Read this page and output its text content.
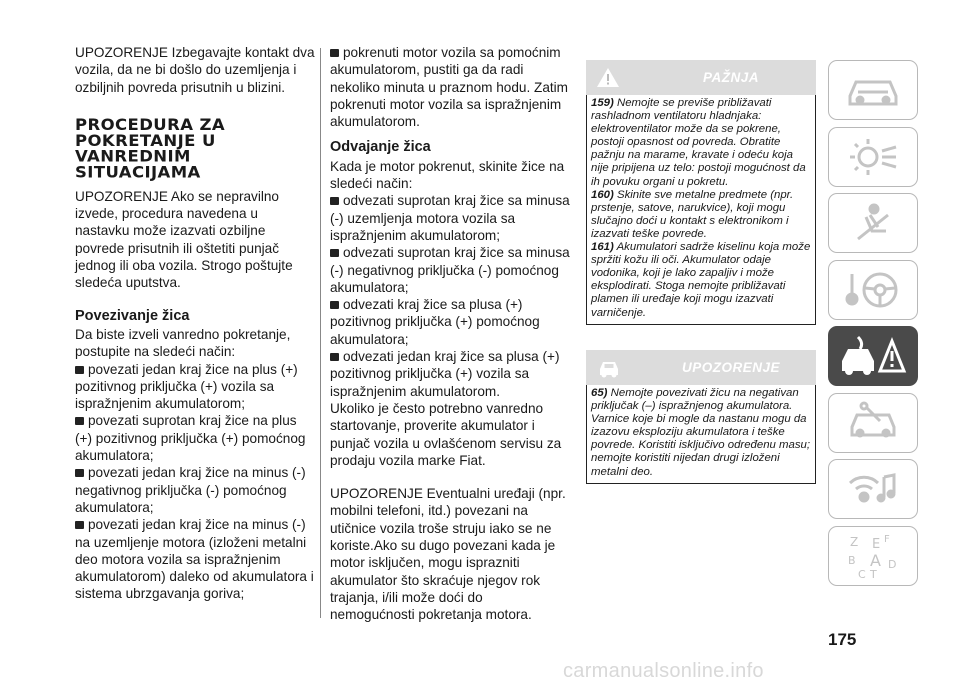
UPOZORENJE Izbegavajte kontakt dva vozila, da ne bi došlo do uzemljenja i ozbiljnih povreda prisutnih u blizini.

PROCEDURA ZA POKRETANJE U VANREDNIM SITUACIJAMA

UPOZORENJE Ako se nepravilno izvede, procedura navedena u nastavku može izazvati ozbiljne povrede prisutnih ili oštetiti punjač jednog ili oba vozila. Strogo poštujte sledeća uputstva.

Povezivanje žica

Da biste izveli vanredno pokretanje, postupite na sledeći način:

povezati jedan kraj žice na plus (+) pozitivnog priključka (+) vozila sa ispražnjenim akumulatorom;

povezati suprotan kraj žice na plus (+) pozitivnog priključka (+) pomoćnog akumulatora;

povezati jedan kraj žice na minus (-) negativnog priključka (-) pomoćnog akumulatora;

povezati jedan kraj žice na minus (-) na uzemljenje motora (izloženi metalni deo motora vozila sa ispražnjenim akumulatorom) daleko od akumulatora i sistema ubrzgavanja goriva;

pokrenuti motor vozila sa pomoćnim akumulatorom, pustiti ga da radi nekoliko minuta u praznom hodu. Zatim pokrenuti motor vozila sa ispražnjenim akumulatorom.

Odvajanje žica

Kada je motor pokrenut, skinite žice na sledeći način:

odvezati suprotan kraj žice sa minusa (-) uzemljenja motora vozila sa ispražnjenim akumulatorom;

odvezati suprotan kraj žice sa minusa (-) negativnog priključka (-) pomoćnog akumulatora;

odvezati kraj žice sa plusa (+) pozitivnog priključka (+) pomoćnog akumulatora;

odvezati jedan kraj žice sa plusa (+) pozitivnog priključka (+) vozila sa ispražnjenim akumulatorom.

Ukoliko je često potrebno vanredno startovanje, proverite akumulator i punjač vozila u ovlašćenom servisu za prodaju vozila marke Fiat.

UPOZORENJE Eventualni uređaji (npr. mobilni telefoni, itd.) povezani na utičnice vozila troše struju iako se ne koriste.Ako su dugo povezani kada je motor isključen, mogu isprazniti akumulator što skraćuje njegov rok trajanja, i/ili može doći do nemogućnosti pokretanja motora.

PAŽNJA

159) Nemojte se previše približavati rashladnom ventilatoru hladnjaka: elektroventilator može da se pokrene, postoji opasnost od povreda. Obratite pažnju na marame, kravate i odeću koja nije pripijena uz telo: postoji mogućnost da ih povuku organi u pokretu.

160) Skinite sve metalne predmete (npr. prstenje, satove, narukvice), koji mogu slučajno doći u kontakt s elektronikom i izazvati teške povrede.

161) Akumulatori sadrže kiselinu koja može spržiti kožu ili oči. Akumulator odaje vodonika, koji je lako zapaljiv i može eksplodirati. Stoga nemojte približavati plamen ili uređaje koji mogu izazvati varničenje.

UPOZORENJE

65) Nemojte povezivati žicu na negativan priključak (–) ispražnjenog akumulatora. Varnice koje bi mogle da nastanu mogu da izazovu eksploziju akumulatora i teške povrede. Koristiti isključivo određenu masu; nemojte koristiti nijedan drugi izloženi metalni deo.

Z E F
B A D
C T
175
carmanualsonline.info
